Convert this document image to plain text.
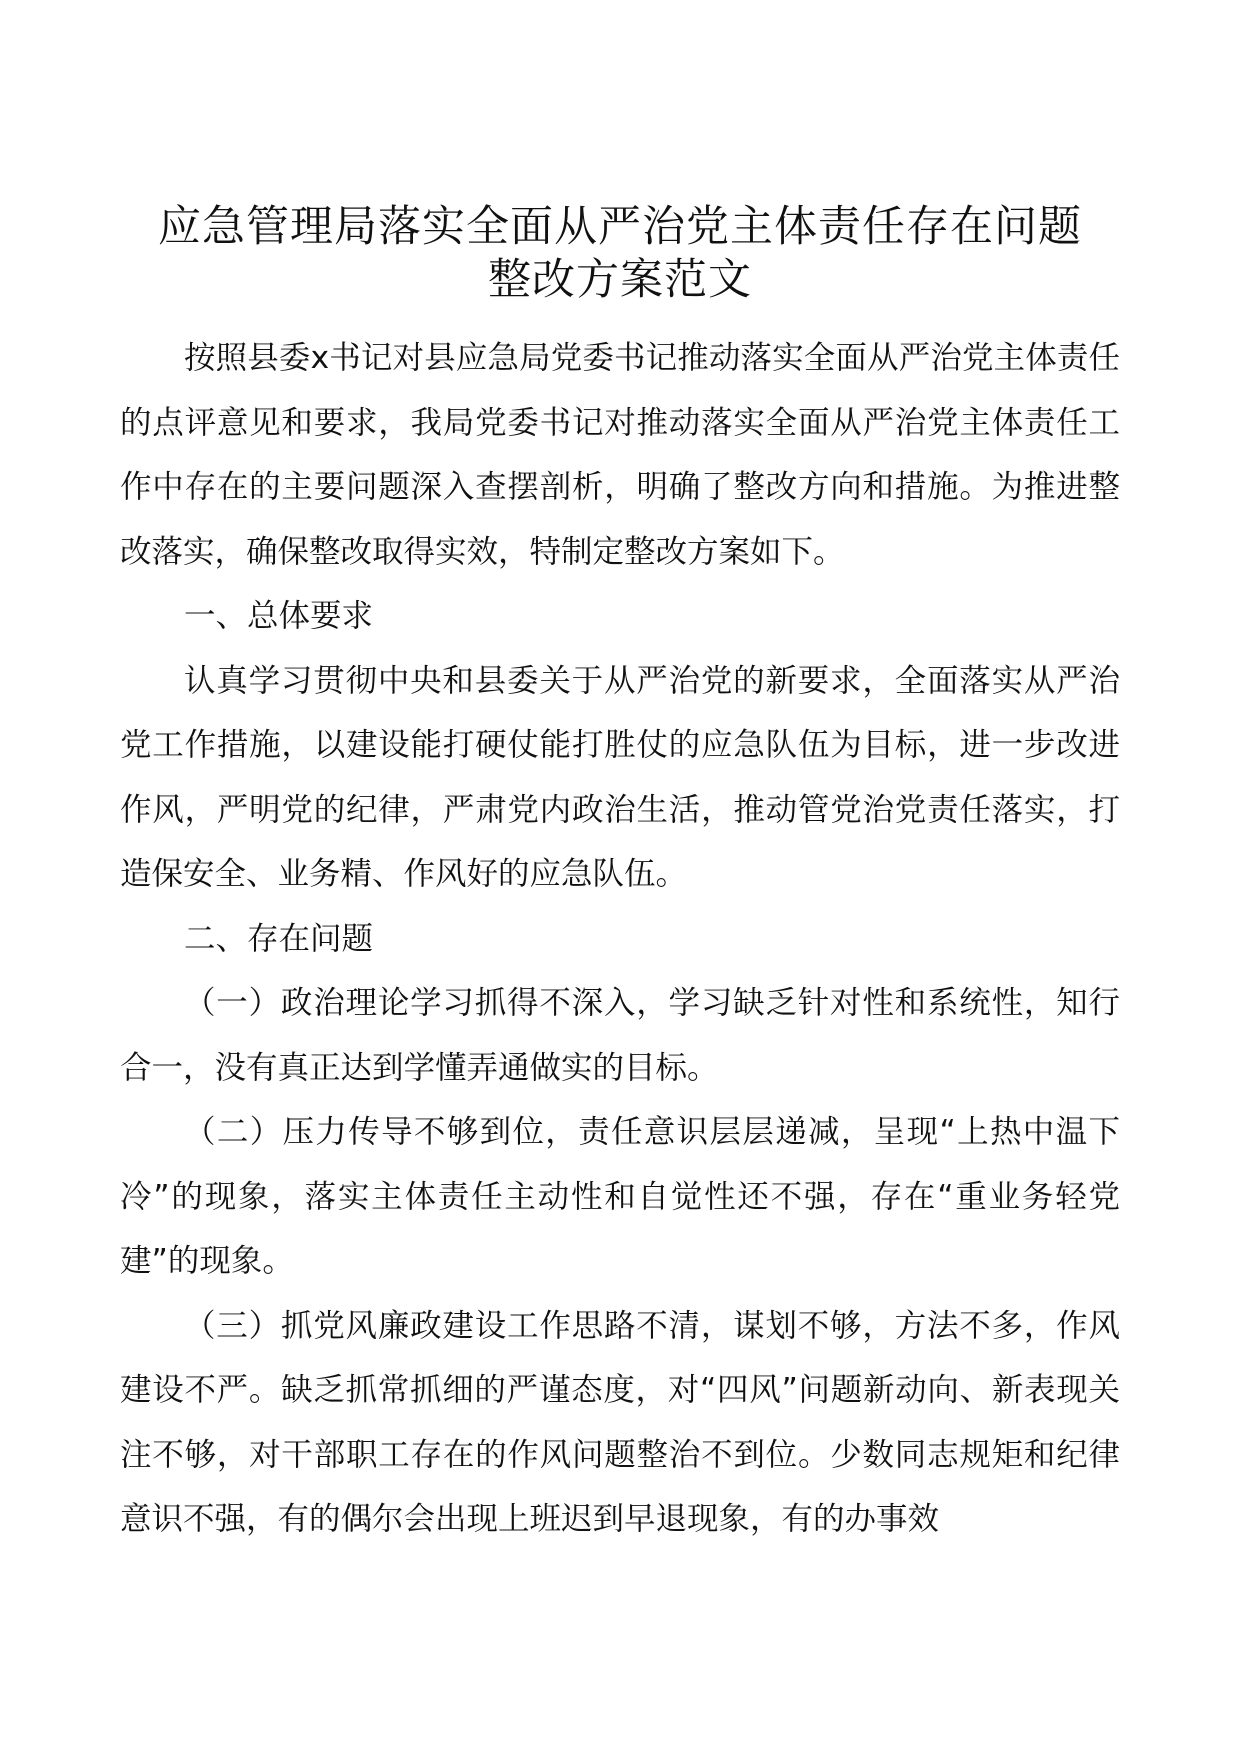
应急管理局落实全面从严治党主体责任存在问题
整改方案范文

按照县委x书记对县应急局党委书记推动落实全面从严治党主体责任的点评意见和要求，我局党委书记对推动落实全面从严治党主体责任工作中存在的主要问题深入查摆剖析，明确了整改方向和措施。为推进整改落实，确保整改取得实效，特制定整改方案如下。

一、总体要求

认真学习贯彻中央和县委关于从严治党的新要求，全面落实从严治党工作措施，以建设能打硬仗能打胜仗的应急队伍为目标，进一步改进作风，严明党的纪律，严肃党内政治生活，推动管党治党责任落实，打造保安全、业务精、作风好的应急队伍。

二、存在问题

（一）政治理论学习抓得不深入，学习缺乏针对性和系统性，知行合一，没有真正达到学懂弄通做实的目标。

（二）压力传导不够到位，责任意识层层递减，呈现“上热中温下冷”的现象，落实主体责任主动性和自觉性还不强，存在“重业务轻党建”的现象。

（三）抓党风廉政建设工作思路不清，谋划不够，方法不多，作风建设不严。缺乏抓常抓细的严谨态度，对“四风”问题新动向、新表现关注不够，对干部职工存在的作风问题整治不到位。少数同志规矩和纪律意识不强，有的偶尔会出现上班迟到早退现象，有的办事效
